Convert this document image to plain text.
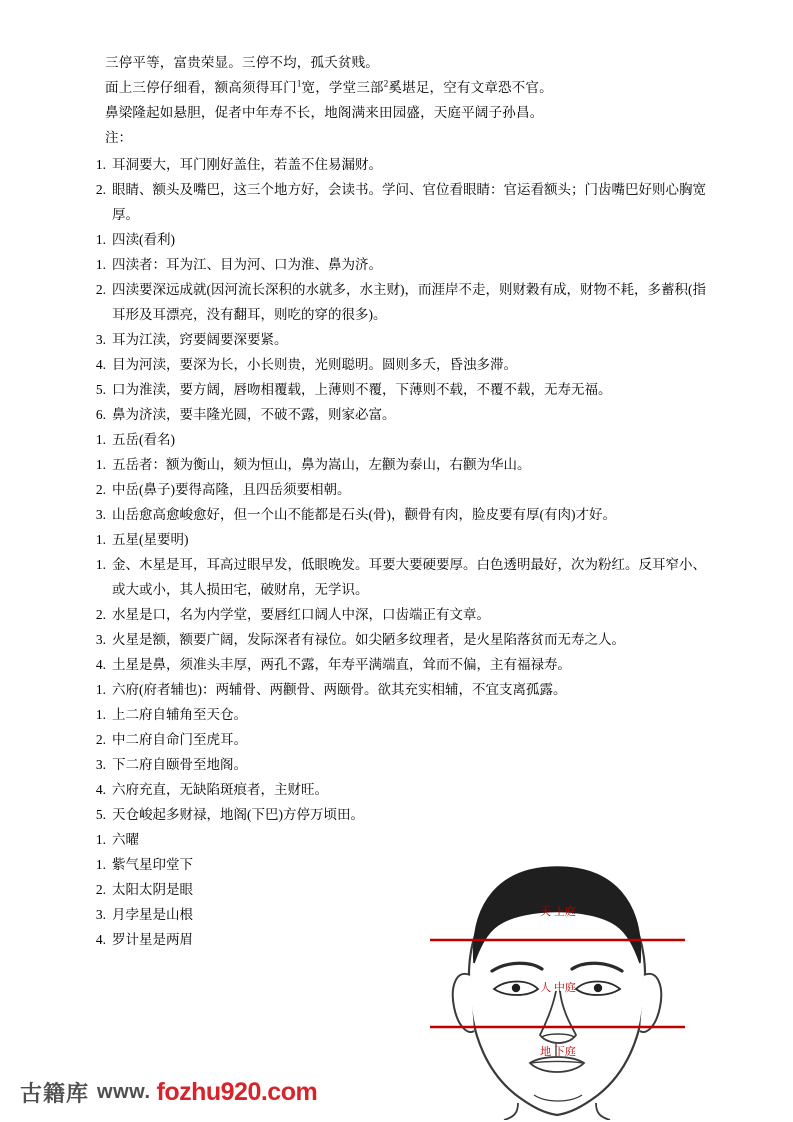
三停平等，富贵荣显。三停不均，孤夭贫贱。

面上三停仔细看，额高须得耳门$^1$宽，学堂三部$^2$奚堪足，空有文章恐不官。

鼻梁隆起如悬胆，促者中年寿不长，地阁满来田园盛，天庭平阔子孙昌。

注：

1. 耳洞要大，耳门刚好盖住，若盖不住易漏财。
2. 眼睛、额头及嘴巴，这三个地方好，会读书。学问、官位看眼睛：官运看额头；门齿嘴巴好则心胸宽厚。
1. 四渎(看利)
1. 四渎者：耳为江、目为河、口为淮、鼻为济。
2. 四渎要深远成就(因河流长深积的水就多，水主财)，而涯岸不走，则财穀有成，财物不耗，多蓄积(指耳形及耳漂亮，没有翻耳，则吃的穿的很多)。
3. 耳为江渎，窍要阔要深要紧。
4. 目为河渎，要深为长，小长则贵，光则聪明。圆则多夭，昏浊多滞。
5. 口为淮渎，要方阔，唇吻相覆载，上薄则不覆，下薄则不载，不覆不载，无寿无福。
6. 鼻为济渎，要丰隆光圆，不破不露，则家必富。
1. 五岳(看名)
1. 五岳者：额为衡山，颏为恒山，鼻为嵩山，左颧为泰山，右颧为华山。
2. 中岳(鼻子)要得高隆，且四岳须要相朝。
3. 山岳愈高愈峻愈好，但一个山不能都是石头(骨)，颧骨有肉，脸皮要有厚(有肉)才好。
1. 五星(星要明)
1. 金、木星是耳，耳高过眼早发，低眼晚发。耳要大要硬要厚。白色透明最好，次为粉红。反耳窄小、或大或小，其人损田宅，破财帛，无学识。
2. 水星是口，名为内学堂，要唇红口阔人中深，口齿端正有文章。
3. 火星是额，额要广阔，发际深者有禄位。如尖陋多纹理者，是火星陷落贫而无寿之人。
4. 土星是鼻，须准头丰厚，两孔不露，年寿平满端直，耸而不偏，主有福禄寿。
1. 六府(府者辅也)：两辅骨、两颧骨、两颐骨。欲其充实相辅，不宜支离孤露。
1. 上二府自辅角至天仓。
2. 中二府自命门至虎耳。
3. 下二府自颐骨至地阁。
4. 六府充直，无缺陷斑痕者，主财旺。
5. 天仓峻起多财禄，地阁(下巴)方停万顷田。
1. 六曜
1. 紫气星印堂下
2. 太阳太阴是眼
3. 月孛星是山根
4. 罗计星是两眉
天 上庭
人 中庭
地 下庭
古籍库 www. fozhu920.com
